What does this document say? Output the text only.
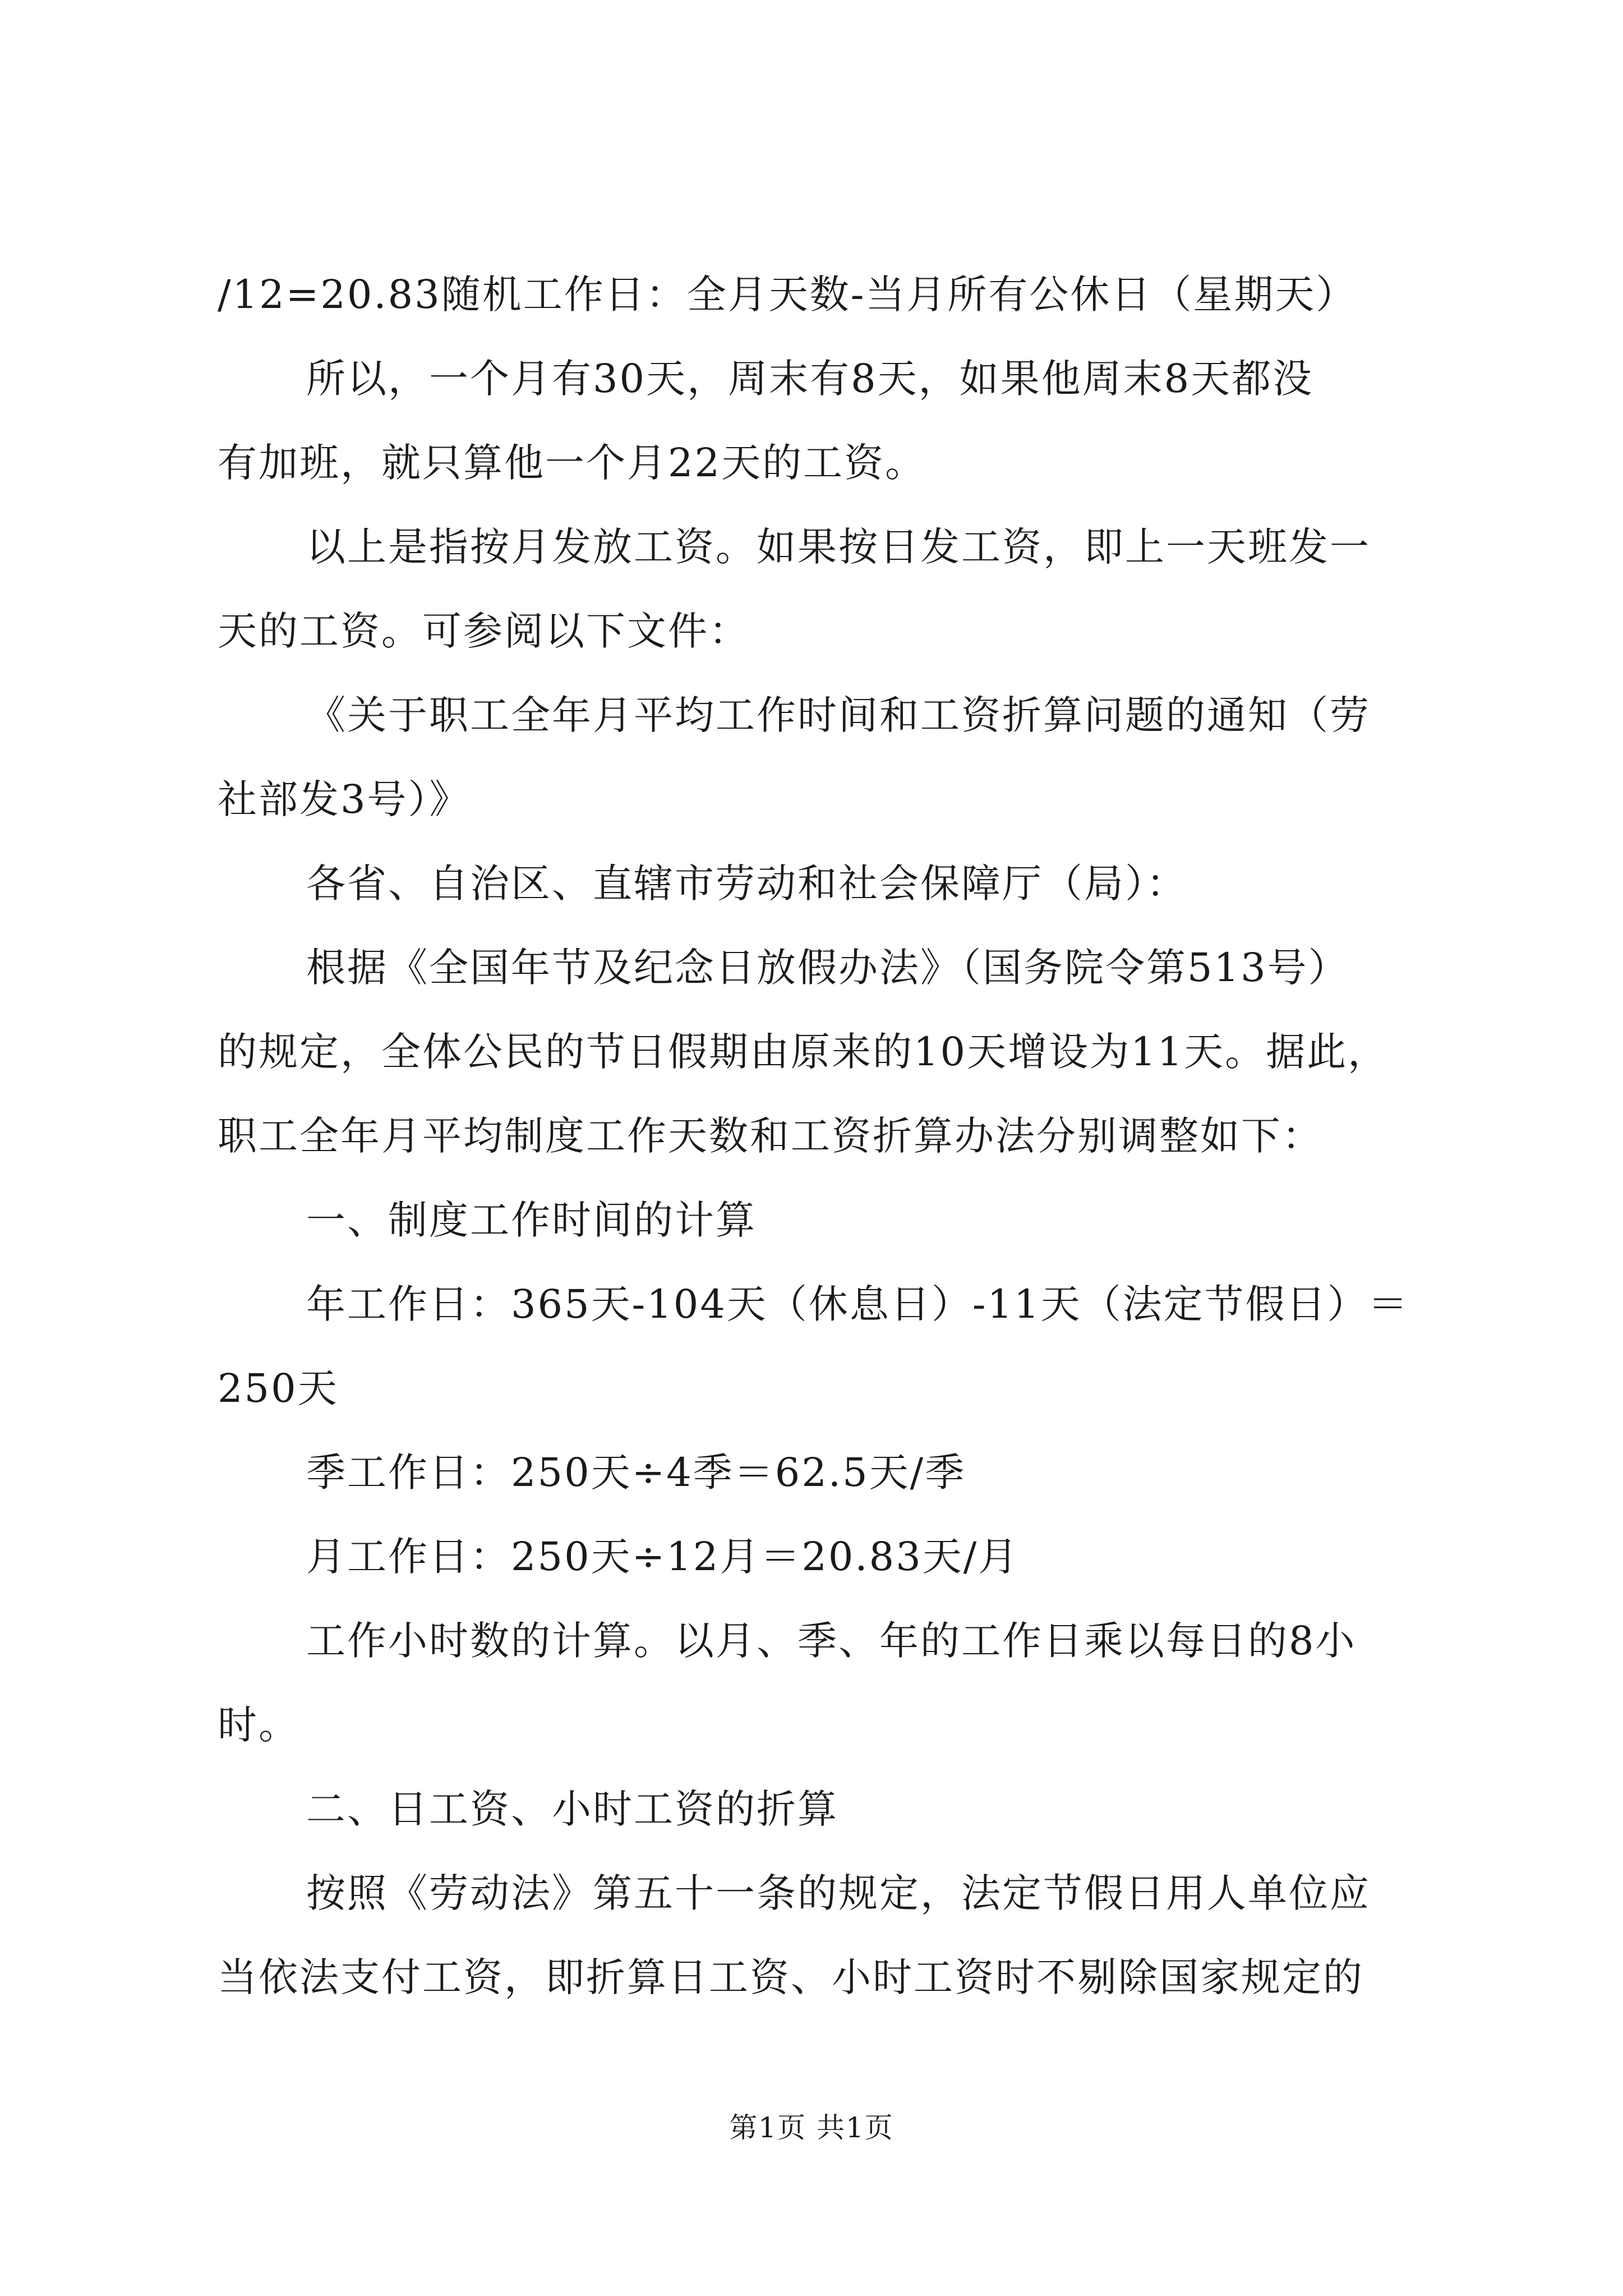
/12=20.83随机工作日：全月天数-当月所有公休日（星期天）
所以，一个月有30天，周末有8天，如果他周末8天都没
有加班，就只算他一个月22天的工资。
以上是指按月发放工资。如果按日发工资，即上一天班发一
天的工资。可参阅以下文件：
《关于职工全年月平均工作时间和工资折算问题的通知（劳
社部发3号）》
各省、自治区、直辖市劳动和社会保障厅（局）：
根据《全国年节及纪念日放假办法》（国务院令第513号）
的规定，全体公民的节日假期由原来的10天增设为11天。据此，
职工全年月平均制度工作天数和工资折算办法分别调整如下：
一、制度工作时间的计算
年工作日：365天-104天（休息日）-11天（法定节假日）＝
250天
季工作日：250天÷4季＝62.5天/季
月工作日：250天÷12月＝20.83天/月
工作小时数的计算。以月、季、年的工作日乘以每日的8小
时。
二、日工资、小时工资的折算
按照《劳动法》第五十一条的规定，法定节假日用人单位应
当依法支付工资，即折算日工资、小时工资时不剔除国家规定的
第1页 共1页
